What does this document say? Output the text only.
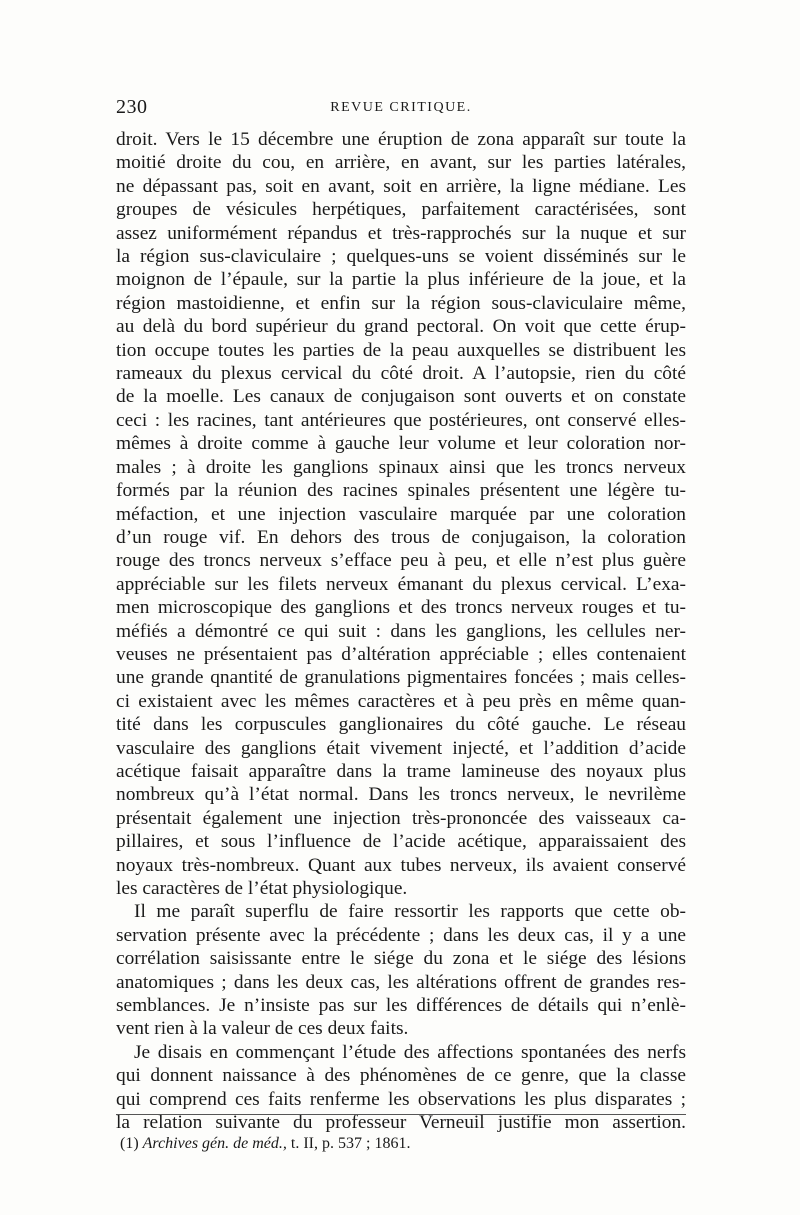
230	REVUE CRITIQUE.

droit. Vers le 15 décembre une éruption de zona apparaît sur toute la

moitié droite du cou, en arrière, en avant, sur les parties latérales,

ne dépassant pas, soit en avant, soit en arrière, la ligne médiane. Les

groupes de vésicules herpétiques, parfaitement caractérisées, sont

assez uniformément répandus et très-rapprochés sur la nuque et sur

la région sus-claviculaire ; quelques-uns se voient disséminés sur le

moignon de l’épaule, sur la partie la plus inférieure de la joue, et la

région mastoidienne, et enfin sur la région sous-claviculaire même,

au delà du bord supérieur du grand pectoral. On voit que cette érup-

tion occupe toutes les parties de la peau auxquelles se distribuent les

rameaux du plexus cervical du côté droit. A l’autopsie, rien du côté

de la moelle. Les canaux de conjugaison sont ouverts et on constate

ceci : les racines, tant antérieures que postérieures, ont conservé elles-

mêmes à droite comme à gauche leur volume et leur coloration nor-

males ; à droite les ganglions spinaux ainsi que les troncs nerveux

formés par la réunion des racines spinales présentent une légère tu-

méfaction, et une injection vasculaire marquée par une coloration

d’un rouge vif. En dehors des trous de conjugaison, la coloration

rouge des troncs nerveux s’efface peu à peu, et elle n’est plus guère

appréciable sur les filets nerveux émanant du plexus cervical. L’exa-

men microscopique des ganglions et des troncs nerveux rouges et tu-

méfiés a démontré ce qui suit : dans les ganglions, les cellules ner-

veuses ne présentaient pas d’altération appréciable ; elles contenaient

une grande qnantité de granulations pigmentaires foncées ; mais celles-

ci existaient avec les mêmes caractères et à peu près en même quan-

tité dans les corpuscules ganglionaires du côté gauche. Le réseau

vasculaire des ganglions était vivement injecté, et l’addition d’acide

acétique faisait apparaître dans la trame lamineuse des noyaux plus

nombreux qu’à l’état normal. Dans les troncs nerveux, le nevrilème

présentait également une injection très-prononcée des vaisseaux ca-

pillaires, et sous l’influence de l’acide acétique, apparaissaient des

noyaux très-nombreux. Quant aux tubes nerveux, ils avaient conservé

les caractères de l’état physiologique.

Il me paraît superflu de faire ressortir les rapports que cette ob-

servation présente avec la précédente ; dans les deux cas, il y a une

corrélation saisissante entre le siége du zona et le siége des lésions

anatomiques ; dans les deux cas, les altérations offrent de grandes res-

semblances. Je n’insiste pas sur les différences de détails qui n’enlè-

vent rien à la valeur de ces deux faits.

Je disais en commençant l’étude des affections spontanées des nerfs

qui donnent naissance à des phénomènes de ce genre, que la classe

qui comprend ces faits renferme les observations les plus disparates ;

la relation suivante du professeur Verneuil justifie mon assertion.

(1) Archives gén. de méd., t. II, p. 537 ; 1861.
